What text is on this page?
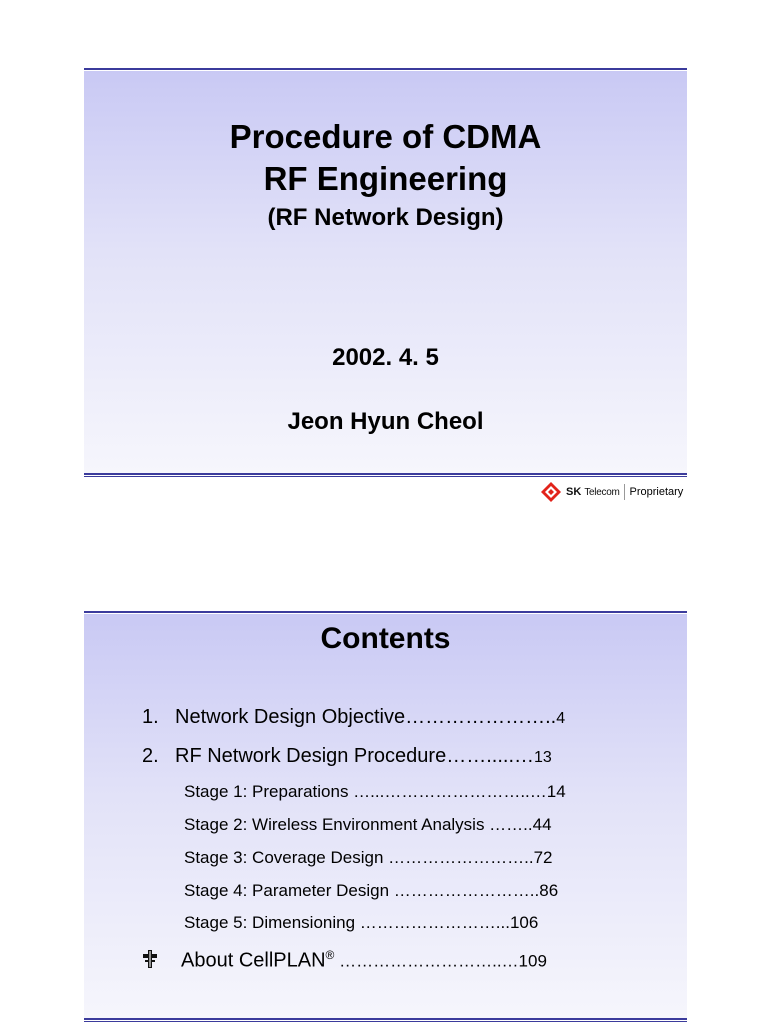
Procedure of CDMA
RF Engineering
(RF Network Design)
2002. 4. 5
Jeon Hyun Cheol
SK Telecom Proprietary
Contents
1. Network Design Objective…………………..4
2. RF Network Design Procedure…….....…13
Stage 1: Preparations …...……………………..…14
Stage 2: Wireless Environment Analysis ……..44
Stage 3: Coverage Design ……………………..72
Stage 4: Parameter Design ……………………..86
Stage 5: Dimensioning ……………………...106
About CellPLAN® ………………………..…109
